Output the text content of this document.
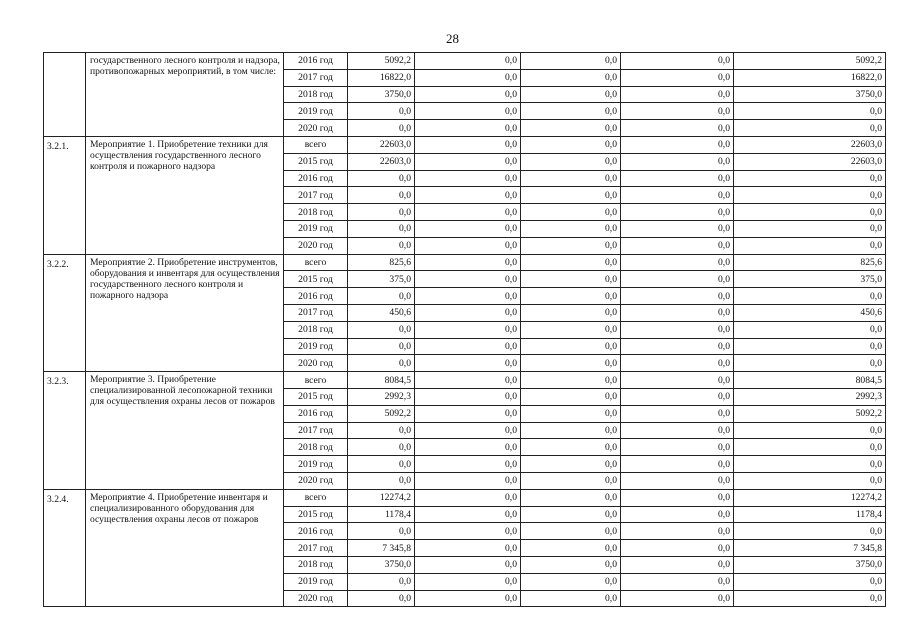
28
	государственного лесного контроля и надзора, противопожарных мероприятий, в том числе:	2016 год	5092,2	0,0	0,0	0,0	5092,2
		2017 год	16822,0	0,0	0,0	0,0	16822,0
		2018 год	3750,0	0,0	0,0	0,0	3750,0
		2019 год	0,0	0,0	0,0	0,0	0,0
		2020 год	0,0	0,0	0,0	0,0	0,0
3.2.1.	Мероприятие 1. Приобретение техники для осуществления государственного лесного контроля и пожарного надзора	всего	22603,0	0,0	0,0	0,0	22603,0
		2015 год	22603,0	0,0	0,0	0,0	22603,0
		2016 год	0,0	0,0	0,0	0,0	0,0
		2017 год	0,0	0,0	0,0	0,0	0,0
		2018 год	0,0	0,0	0,0	0,0	0,0
		2019 год	0,0	0,0	0,0	0,0	0,0
		2020 год	0,0	0,0	0,0	0,0	0,0
3.2.2.	Мероприятие 2. Приобретение инструментов, оборудования и инвентаря для осуществления государственного лесного контроля и пожарного надзора	всего	825,6	0,0	0,0	0,0	825,6
		2015 год	375,0	0,0	0,0	0,0	375,0
		2016 год	0,0	0,0	0,0	0,0	0,0
		2017 год	450,6	0,0	0,0	0,0	450,6
		2018 год	0,0	0,0	0,0	0,0	0,0
		2019 год	0,0	0,0	0,0	0,0	0,0
		2020 год	0,0	0,0	0,0	0,0	0,0
3.2.3.	Мероприятие 3. Приобретение специализированной лесопожарной техники для осуществления охраны лесов от пожаров	всего	8084,5	0,0	0,0	0,0	8084,5
		2015 год	2992,3	0,0	0,0	0,0	2992,3
		2016 год	5092,2	0,0	0,0	0,0	5092,2
		2017 год	0,0	0,0	0,0	0,0	0,0
		2018 год	0,0	0,0	0,0	0,0	0,0
		2019 год	0,0	0,0	0,0	0,0	0,0
		2020 год	0,0	0,0	0,0	0,0	0,0
3.2.4.	Мероприятие 4. Приобретение инвентаря и специализированного оборудования для осуществления охраны лесов от пожаров	всего	12274,2	0,0	0,0	0,0	12274,2
		2015 год	1178,4	0,0	0,0	0,0	1178,4
		2016 год	0,0	0,0	0,0	0,0	0,0
		2017 год	7 345,8	0,0	0,0	0,0	7 345,8
		2018 год	3750,0	0,0	0,0	0,0	3750,0
		2019 год	0,0	0,0	0,0	0,0	0,0
		2020 год	0,0	0,0	0,0	0,0	0,0
